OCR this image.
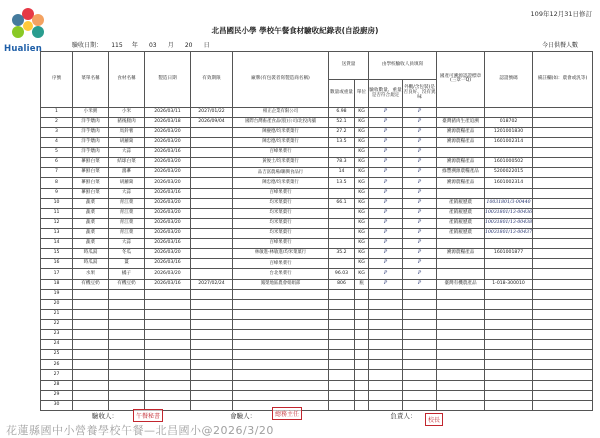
Hualien
109年12月31日修訂
北昌國民小學 學校午餐食材驗收紀錄表(自設廚房)
驗收日期： 115 年 03 月 20 日	今日供餐人數
序號	菜單名稱	食材名稱	製造日期	有效期限	廠牌(有包裝者寫製造商名稱)	送貨量		由學校驗收人員填寫		國產可溯源認證標章(三章一Q)	認證號碼	備註欄(如：農會或汎等)
						數量或重量	單位	驗收數量、重量是否符合規定	外觀/含包裝(是否良好、沒有異味			
1	小米粥	小米	2026/03/11	2027/01/22	相正企業有限公司	6.98	KG	P	P			
2	洋芋燉肉	豬後腿肉	2026/03/18	2026/09/04	國際台灣畜產食品(股)公司/北投肉舖	52.1	KG	P	P	臺灣豬肉生產追溯	018702	
3	洋芋燉肉	馬鈴薯	2026/03/20		陳慶德/均米菜菓行	27.2	KG	P	P	溯源農糧產品	1201001830	
4	洋芋燉肉	胡蘿蔔	2026/03/20		陳忠德/均米菜菓行	13.5	KG	P	P	溯源農糧產品	1601002314	
5	洋芋燉肉	大蒜	2026/03/16		百峰果菜行		KG	P	P			
6	蔘鮮白菜	結球白菜	2026/03/20		黃俊士/均米菜菓行	78.3	KG	P	P	溯源農糧產品	1601000502	
7	蔘鮮白菜	鴻蔘	2026/03/20		品吉富農場/聯興食品行	14	KG	P	P	綠豐溯源農糧產品	5200022015	
8	蔘鮮白菜	胡蘿蔔	2026/03/20		陳忠德/均米菜菓行	13.5	KG	P	P	溯源農糧產品	1601002314	
9	蔘鮮白菜	大蒜	2026/03/16		百峰果菜行		KG	P	P			
10	蔬菜	青江菜	2026/03/20		均米菜菓行	66.1	KG	P	P	產銷履歷農	10031801/3-00440	
11	蔬菜	青江菜	2026/03/20		均米菜菓行		KG	P	P	產銷履歷農	10031801/13-00436	
12	蔬菜	青江菜	2026/03/20		均米菜菓行		KG	P	P	產銷履歷農	10031801/13-00438	
13	蔬菜	青江菜	2026/03/20		均米菜菓行		KG	P	P	產銷履歷農	10031801/13-00437	
14	蔬菜	大蒜	2026/03/16		百峰果菜行		KG	P	P			
15	時瓜湯	冬瓜	2026/03/20		林敏進-林敏進/均米菜菓行	35.2	KG	P	P	溯源農糧產品	1601001877	
16	時瓜湯	薑	2026/03/16		百峰果菜行		KG	P	P			
17	水果	橘子	2026/03/20		台北果菜行	96.03	KG	P	P			
18	有機豆奶	有機豆奶	2026/03/16	2027/02/24	鳳榮地區農會娟娟部	806	瓶	P	P	臺灣有機農產品	1-018-300010	
19												
20												
21												
22												
23												
24												
25												
26												
27												
28												
29												
30												
驗收人：	會驗人：	負責人：
午餐秘書	總務主任
校長
花蓮縣國中小營養學校午餐—北昌國小@2026/3/20
